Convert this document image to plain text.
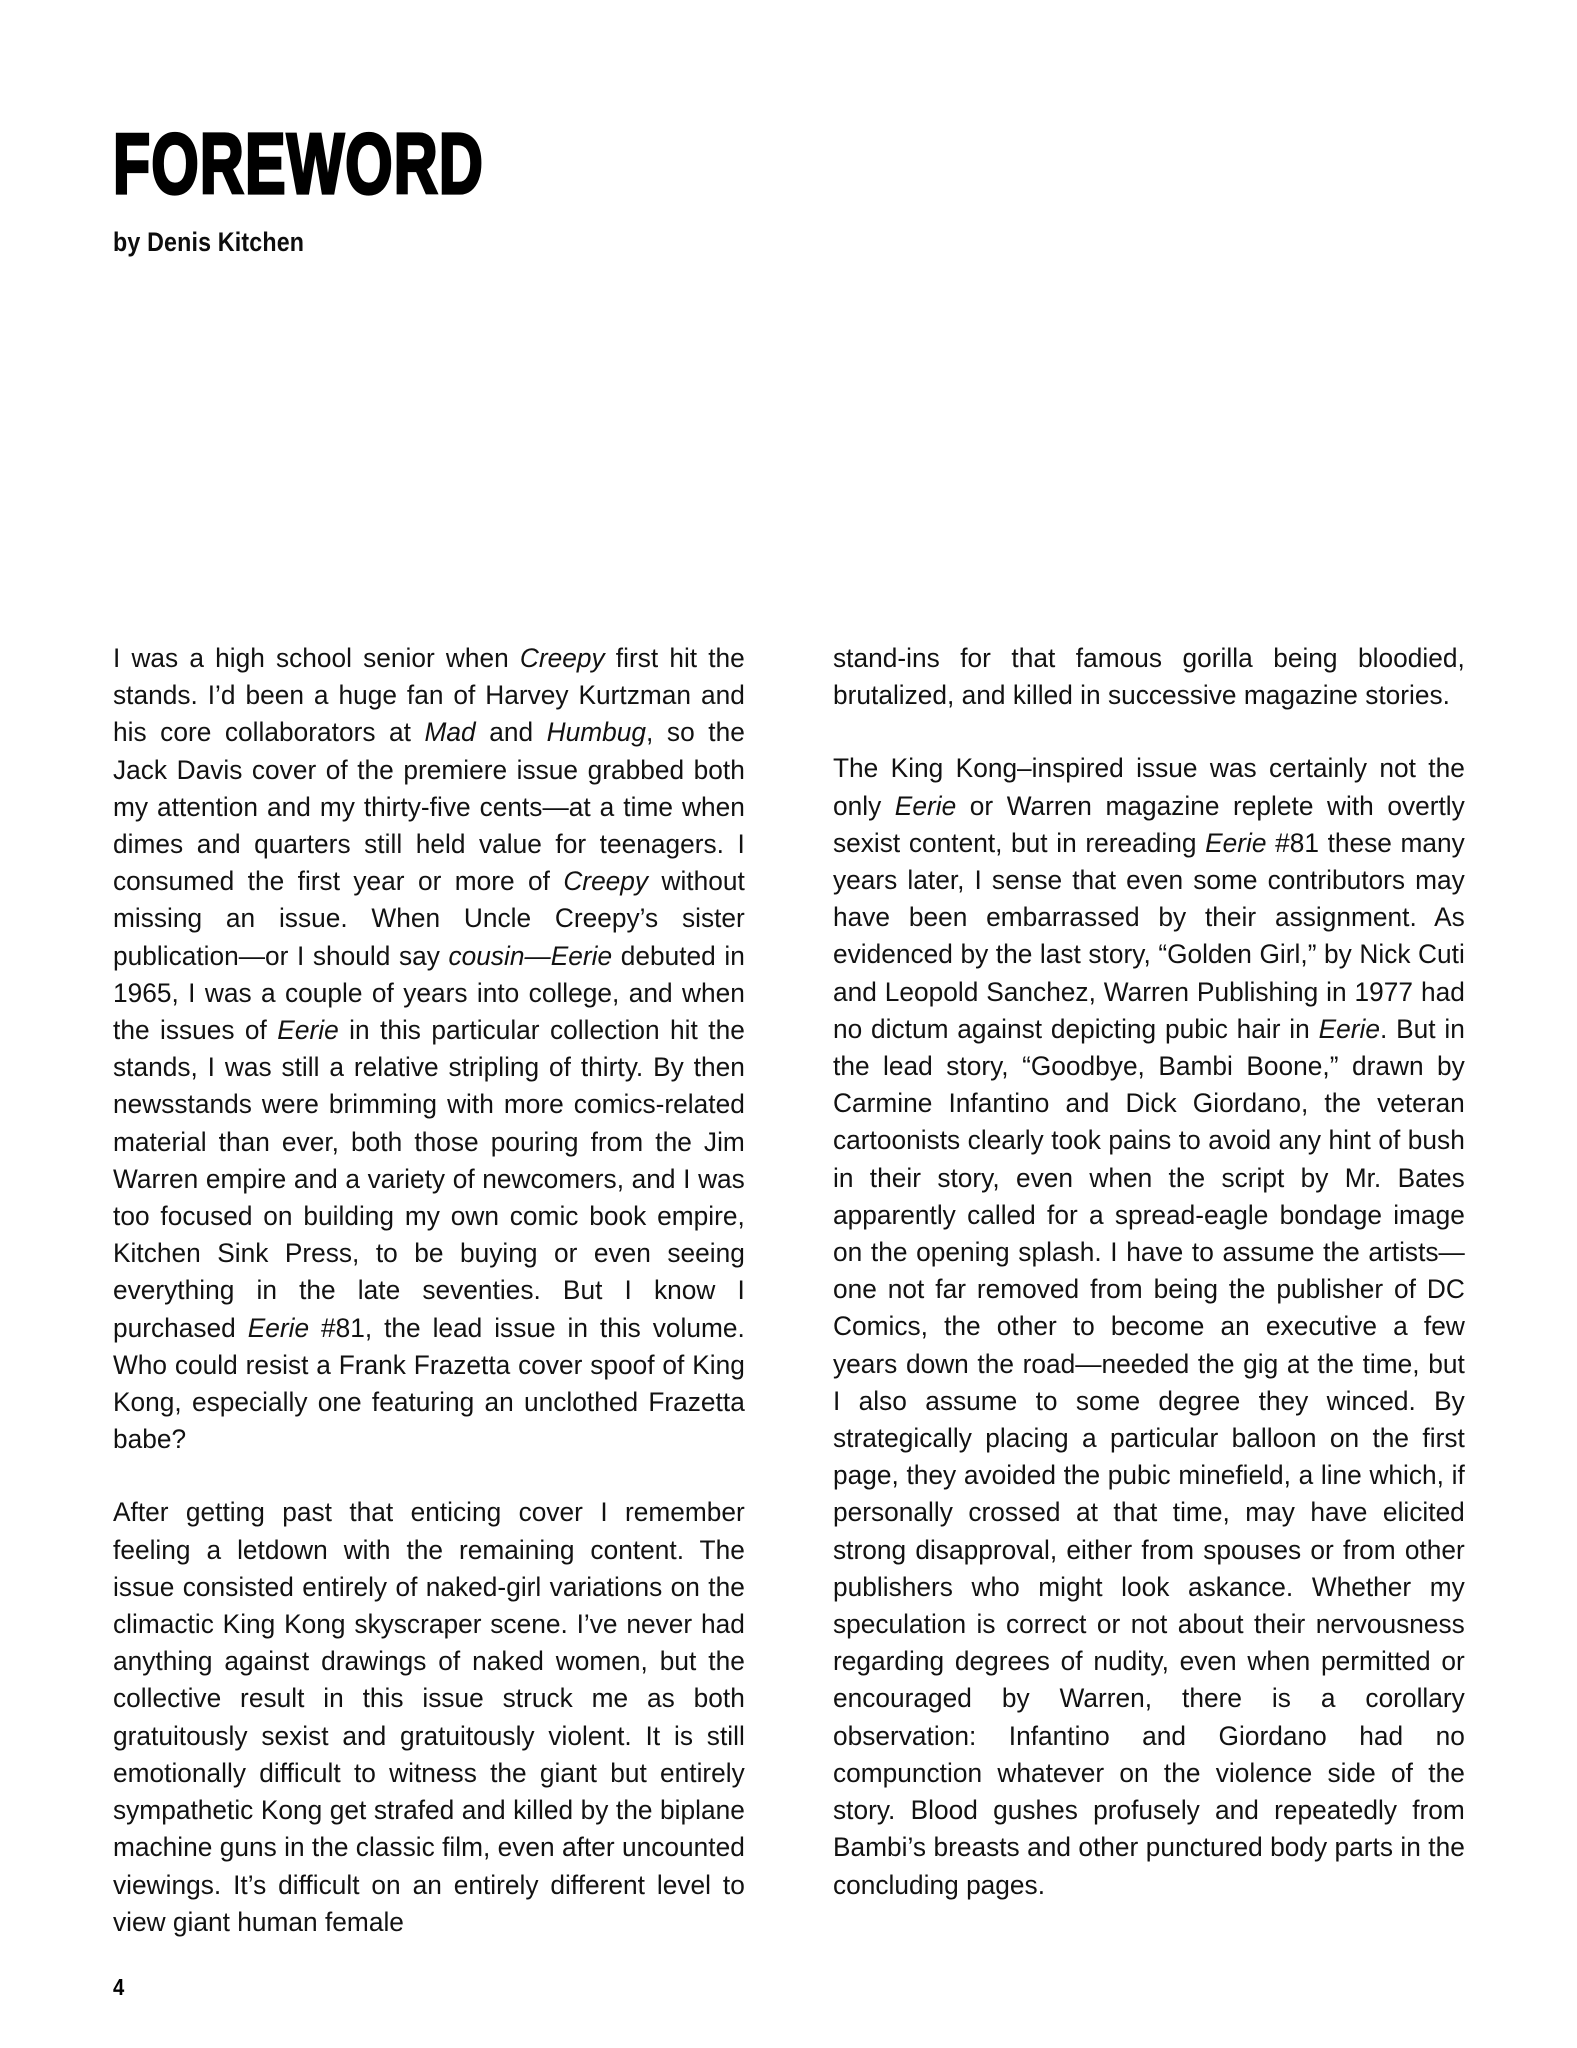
FOREWORD
by Denis Kitchen

I was a high school senior when Creepy first hit the stands. I’d been a huge fan of Harvey Kurtzman and his core collaborators at Mad and Humbug, so the Jack Davis cover of the premiere issue grabbed both my attention and my thirty-five cents—at a time when dimes and quarters still held value for teenagers. I consumed the first year or more of Creepy without missing an issue. When Uncle Creepy’s sister publication—or I should say cousin—Eerie debuted in 1965, I was a couple of years into college, and when the issues of Eerie in this particular collection hit the stands, I was still a relative stripling of thirty. By then newsstands were brimming with more comics-related material than ever, both those pouring from the Jim Warren empire and a variety of newcomers, and I was too focused on building my own comic book empire, Kitchen Sink Press, to be buying or even seeing everything in the late seventies. But I know I purchased Eerie #81, the lead issue in this volume. Who could resist a Frank Frazetta cover spoof of King Kong, especially one featuring an unclothed Frazetta babe?

After getting past that enticing cover I remember feeling a letdown with the remaining content. The issue consisted entirely of naked-girl variations on the climactic King Kong skyscraper scene. I’ve never had anything against drawings of naked women, but the collective result in this issue struck me as both gratuitously sexist and gratuitously violent. It is still emotionally difficult to witness the giant but entirely sympathetic Kong get strafed and killed by the biplane machine guns in the classic film, even after uncounted viewings. It’s difficult on an entirely different level to view giant human female

stand-ins for that famous gorilla being bloodied, brutalized, and killed in successive magazine stories.

The King Kong–inspired issue was certainly not the only Eerie or Warren magazine replete with overtly sexist content, but in rereading Eerie #81 these many years later, I sense that even some contributors may have been embarrassed by their assignment. As evidenced by the last story, “Golden Girl,” by Nick Cuti and Leopold Sanchez, Warren Publishing in 1977 had no dictum against depicting pubic hair in Eerie. But in the lead story, “Goodbye, Bambi Boone,” drawn by Carmine Infantino and Dick Giordano, the veteran cartoonists clearly took pains to avoid any hint of bush in their story, even when the script by Mr. Bates apparently called for a spread-eagle bondage image on the opening splash. I have to assume the artists—one not far removed from being the publisher of DC Comics, the other to become an executive a few years down the road—needed the gig at the time, but I also assume to some degree they winced. By strategically placing a particular balloon on the first page, they avoided the pubic minefield, a line which, if personally crossed at that time, may have elicited strong disapproval, either from spouses or from other publishers who might look askance. Whether my speculation is correct or not about their nervousness regarding degrees of nudity, even when permitted or encouraged by Warren, there is a corollary observation: Infantino and Giordano had no compunction whatever on the violence side of the story. Blood gushes profusely and repeatedly from Bambi’s breasts and other punctured body parts in the concluding pages.

4
